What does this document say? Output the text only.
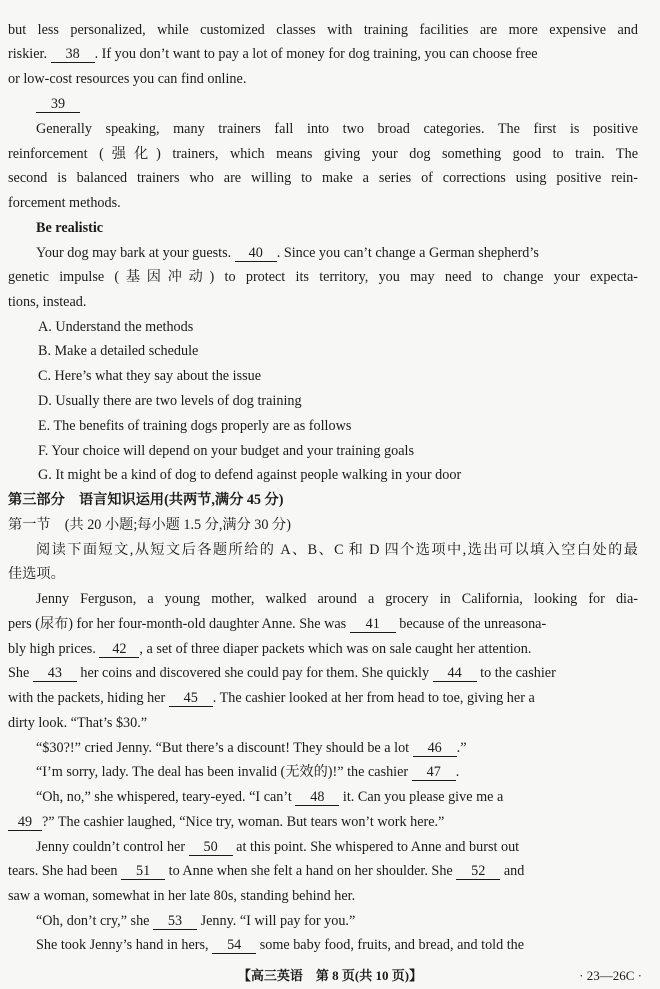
but less personalized, while customized classes with training facilities are more expensive and
riskier. 38 . If you don’t want to pay a lot of money for dog training, you can choose free
or low-cost resources you can find online.
39
Generally speaking, many trainers fall into two broad categories. The first is positive
reinforcement (强化) trainers, which means giving your dog something good to train. The
second is balanced trainers who are willing to make a series of corrections using positive rein-
forcement methods.
Be realistic
Your dog may bark at your guests. 40 . Since you can’t change a German shepherd’s
genetic impulse (基因冲动) to protect its territory, you may need to change your expecta-
tions, instead.
A. Understand the methods
B. Make a detailed schedule
C. Here’s what they say about the issue
D. Usually there are two levels of dog training
E. The benefits of training dogs properly are as follows
F. Your choice will depend on your budget and your training goals
G. It might be a kind of dog to defend against people walking in your door
第三部分　语言知识运用(共两节,满分 45 分)
第一节　(共 20 小题;每小题 1.5 分,满分 30 分)
阅读下面短文,从短文后各题所给的 A、B、C 和 D 四个选项中,选出可以填入空白处的最
佳选项。
Jenny Ferguson, a young mother, walked around a grocery in California, looking for dia-
pers (尿布) for her four-month-old daughter Anne. She was 41 because of the unreasona-
bly high prices. 42 , a set of three diaper packets which was on sale caught her attention.
She 43 her coins and discovered she could pay for them. She quickly 44 to the cashier
with the packets, hiding her 45 . The cashier looked at her from head to toe, giving her a
dirty look. “That’s $30.”
“$30?!” cried Jenny. “But there’s a discount! They should be a lot 46 .”
“I’m sorry, lady. The deal has been invalid (无效的)!” the cashier 47 .
“Oh, no,” she whispered, teary-eyed. “I can’t 48 it. Can you please give me a
49 ?” The cashier laughed, “Nice try, woman. But tears won’t work here.”
Jenny couldn’t control her 50 at this point. She whispered to Anne and burst out
tears. She had been 51 to Anne when she felt a hand on her shoulder. She 52 and
saw a woman, somewhat in her late 80s, standing behind her.
“Oh, don’t cry,” she 53 Jenny. “I will pay for you.”
She took Jenny’s hand in hers, 54 some baby food, fruits, and bread, and told the
【高三英语　第 8 页(共 10 页)】	· 23—26C ·
